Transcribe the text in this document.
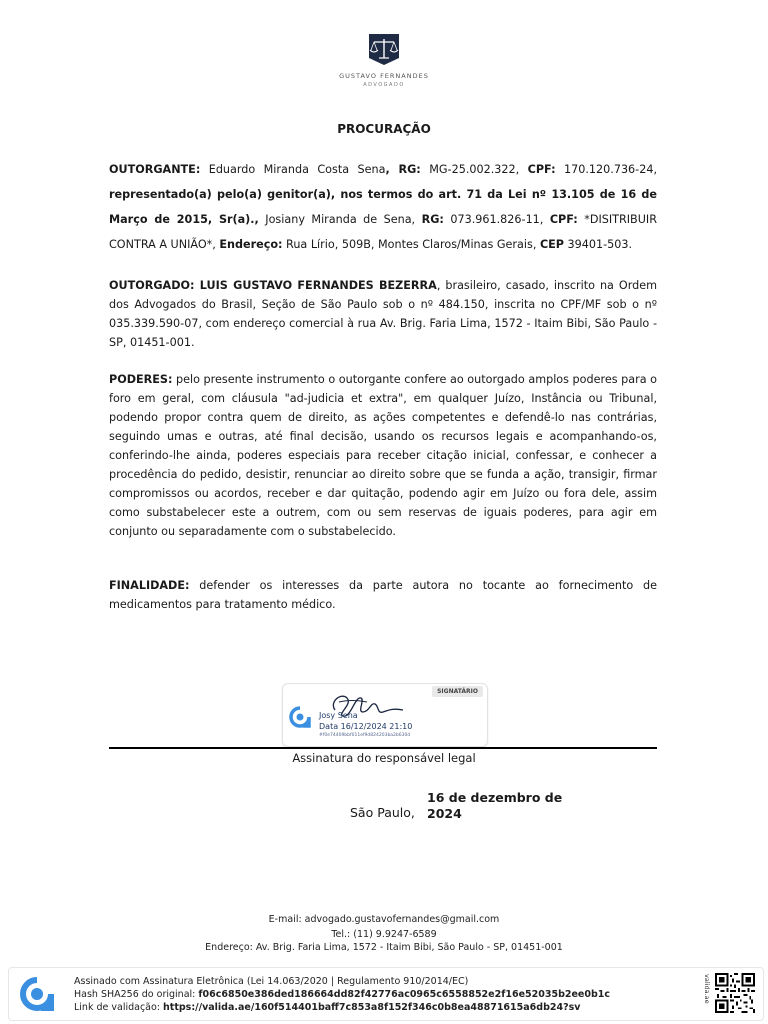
GUSTAVO FERNANDES
ADVOGADO
PROCURAÇÃO
OUTORGANTE: Eduardo Miranda Costa Sena, RG: MG-25.002.322, CPF: 170.120.736-24, representado(a) pelo(a) genitor(a), nos termos do art. 71 da Lei nº 13.105 de 16 de Março de 2015, Sr(a)., Josiany Miranda de Sena, RG: 073.961.826-11, CPF: *DISITRIBUIR CONTRA A UNIÃO*, Endereço: Rua Lírio, 509B, Montes Claros/Minas Gerais, CEP 39401-503.
OUTORGADO: LUIS GUSTAVO FERNANDES BEZERRA, brasileiro, casado, inscrito na Ordem dos Advogados do Brasil, Seção de São Paulo sob o nº 484.150, inscrita no CPF/MF sob o nº 035.339.590-07, com endereço comercial à rua Av. Brig. Faria Lima, 1572 - Itaim Bibi, São Paulo - SP, 01451-001.
PODERES: pelo presente instrumento o outorgante confere ao outorgado amplos poderes para o foro em geral, com cláusula "ad-judicia et extra", em qualquer Juízo, Instância ou Tribunal, podendo propor contra quem de direito, as ações competentes e defendê-lo nas contrárias, seguindo umas e outras, até final decisão, usando os recursos legais e acompanhando-os, conferindo-lhe ainda, poderes especiais para receber citação inicial, confessar, e conhecer a procedência do pedido, desistir, renunciar ao direito sobre que se funda a ação, transigir, firmar compromissos ou acordos, receber e dar quitação, podendo agir em Juízo ou fora dele, assim como substabelecer este a outrem, com ou sem reservas de iguais poderes, para agir em conjunto ou separadamente com o substabelecido.
FINALIDADE: defender os interesses da parte autora no tocante ao fornecimento de medicamentos para tratamento médico.
SIGNATÁRIO
Josy Sena
Data 16/12/2024 21:10
#f0e74409bbf011ef9d824203ba2b630d
Assinatura do responsável legal
São Paulo,
16 de dezembro de 2024
E-mail: advogado.gustavofernandes@gmail.com
Tel.: (11) 9.9247-6589
Endereço: Av. Brig. Faria Lima, 1572 - Itaim Bibi, São Paulo - SP, 01451-001
Assinado com Assinatura Eletrônica (Lei 14.063/2020 | Regulamento 910/2014/EC)
Hash SHA256 do original: f06c6850e386ded186664dd82f42776ac0965c6558852e2f16e52035b2ee0b1c
Link de validação: https://valida.ae/160f514401baff7c853a8f152f346c0b8ea48871615a6db24?sv
valida.ae
